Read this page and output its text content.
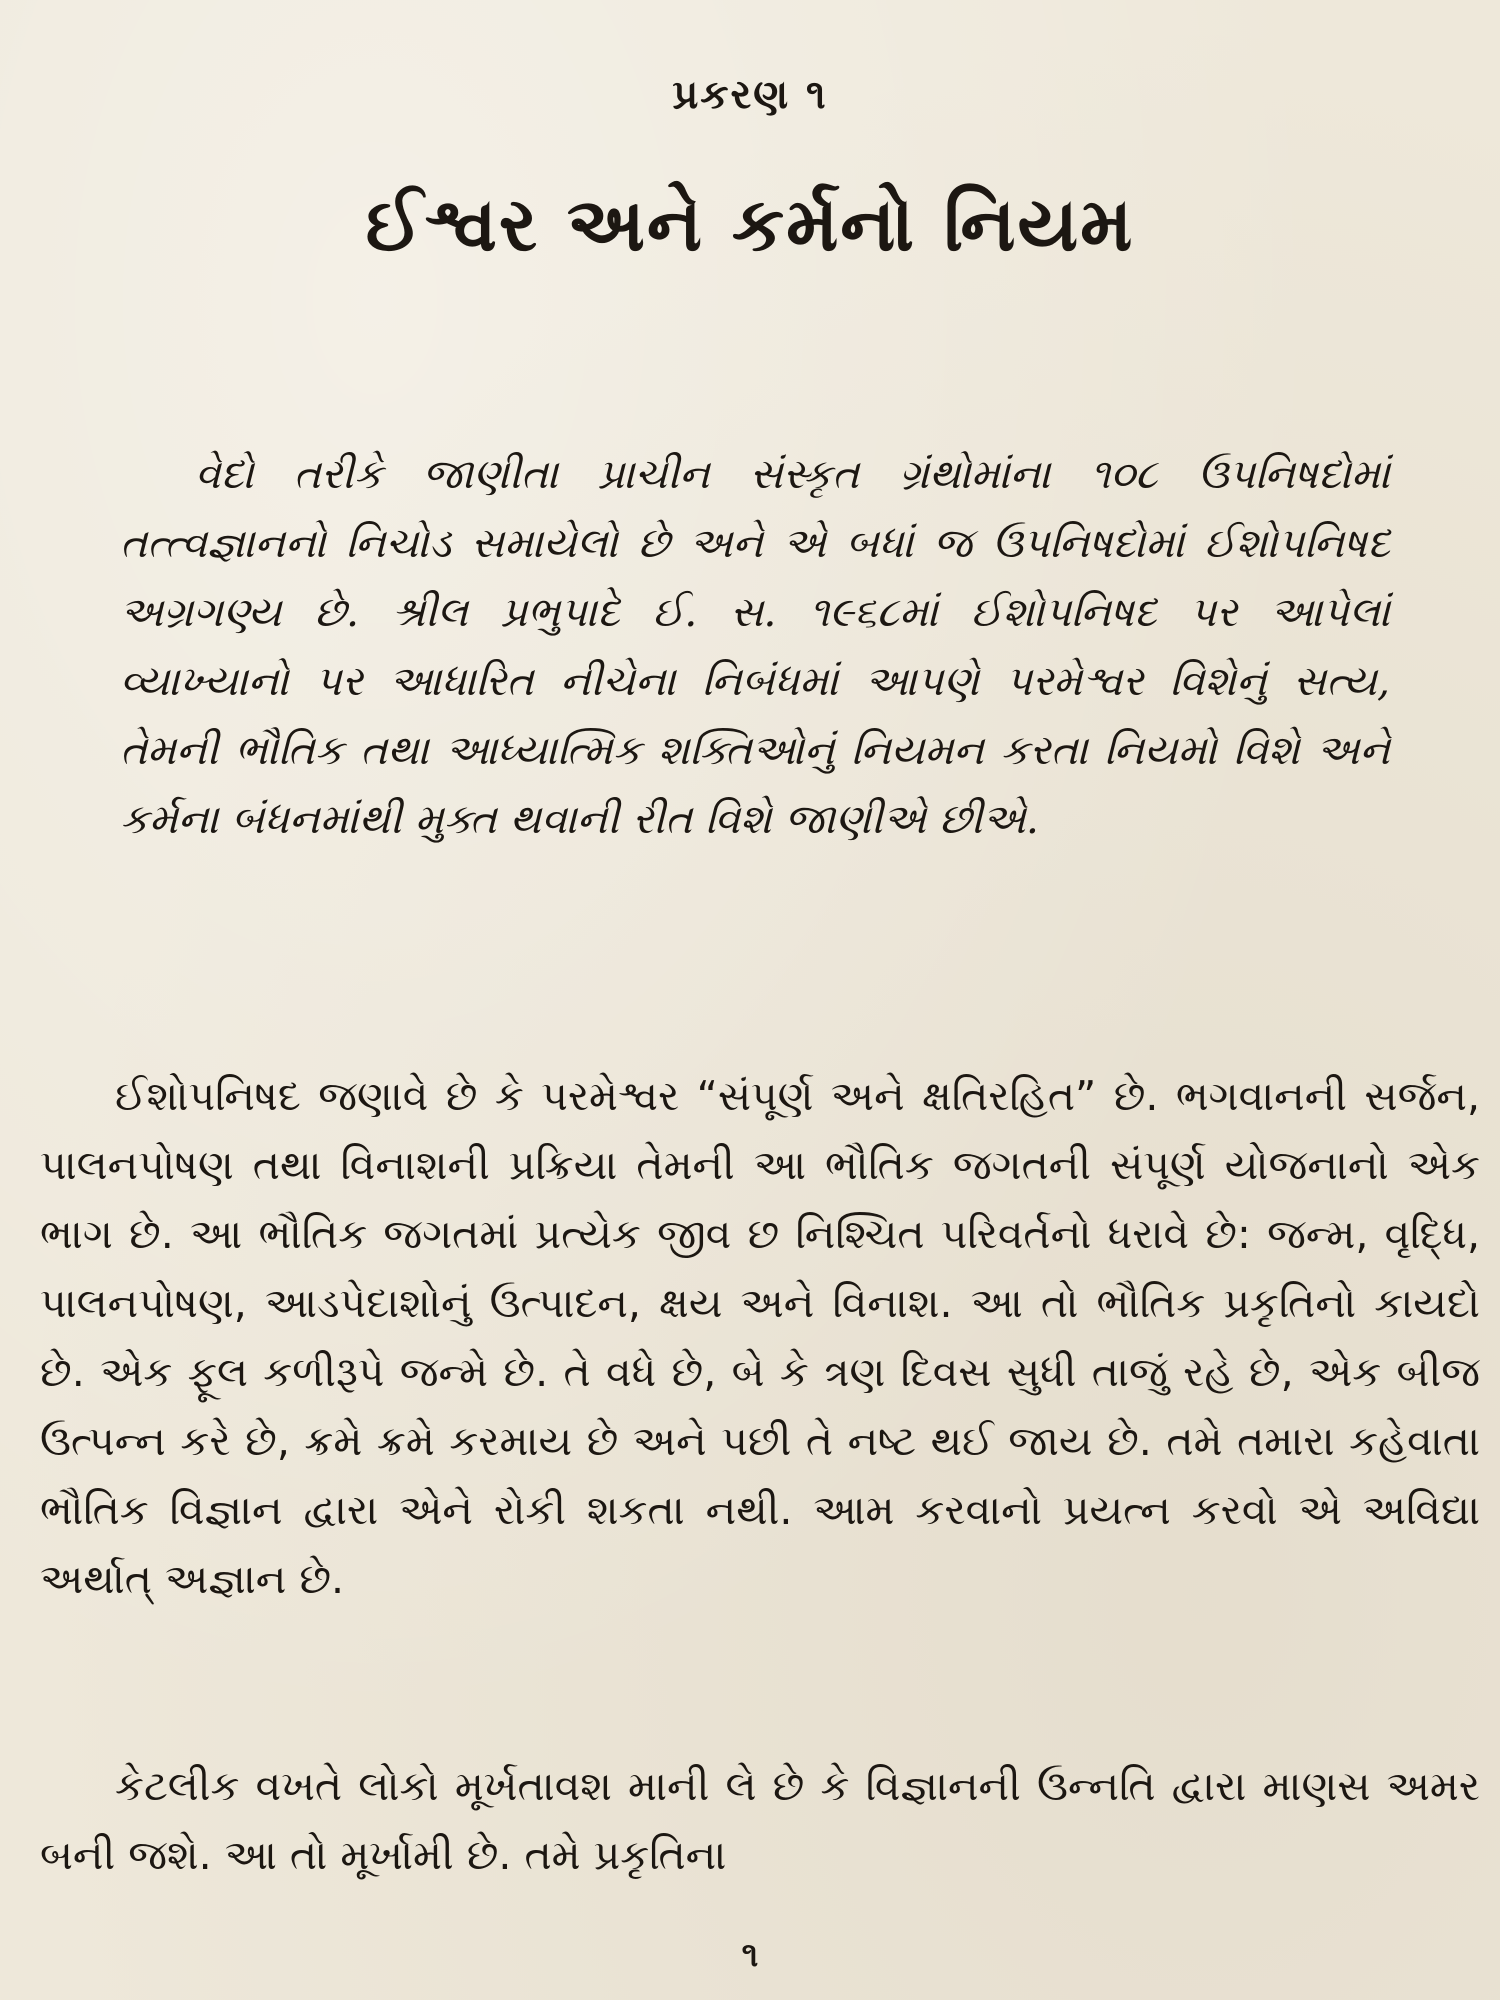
પ્રકરણ ૧
ઈશ્વર અને કર્મનો નિયમ

વેદો તરીકે જાણીતા પ્રાચીન સંસ્કૃત ગ્રંથોમાંના ૧૦૮ ઉપનિષદોમાં તત્ત્વજ્ઞાનનો નિચોડ સમાયેલો છે અને એ બધાં જ ઉપનિષદોમાં ઈશોપનિષદ અગ્રગણ્ય છે. શ્રીલ પ્રભુપાદે ઈ. સ. ૧૯૬૮માં ઈશોપનિષદ પર આપેલાં વ્યાખ્યાનો પર આધારિત નીચેના નિબંધમાં આપણે પરમેશ્વર વિશેનું સત્ય, તેમની ભૌતિક તથા આધ્યાત્મિક શક્તિઓનું નિયમન કરતા નિયમો વિશે અને કર્મના બંધનમાંથી મુક્ત થવાની રીત વિશે જાણીએ છીએ.

ઈશોપનિષદ જણાવે છે કે પરમેશ્વર “સંપૂર્ણ અને ક્ષતિરહિત” છે. ભગવાનની સર્જન, પાલનપોષણ તથા વિનાશની પ્રક્રિયા તેમની આ ભૌતિક જગતની સંપૂર્ણ યોજનાનો એક ભાગ છે. આ ભૌતિક જગતમાં પ્રત્યેક જીવ છ નિશ્ચિત પરિવર્તનો ધરાવે છે: જન્મ, વૃદ્ધિ, પાલનપોષણ, આડપેદાશોનું ઉત્પાદન, ક્ષય અને વિનાશ. આ તો ભૌતિક પ્રકૃતિનો કાયદો છે. એક ફૂલ કળીરૂપે જન્મે છે. તે વધે છે, બે કે ત્રણ દિવસ સુધી તાજું રહે છે, એક બીજ ઉત્પન્ન કરે છે, ક્રમે ક્રમે કરમાય છે અને પછી તે નષ્ટ થઈ જાય છે. તમે તમારા કહેવાતા ભૌતિક વિજ્ઞાન દ્વારા એને રોકી શકતા નથી. આમ કરવાનો પ્રયત્ન કરવો એ અવિદ્યા અર્થાત્ અજ્ઞાન છે.

કેટલીક વખતે લોકો મૂર્ખતાવશ માની લે છે કે વિજ્ઞાનની ઉન્નતિ દ્વારા માણસ અમર બની જશે. આ તો મૂર્ખામી છે. તમે પ્રકૃતિના

૧
